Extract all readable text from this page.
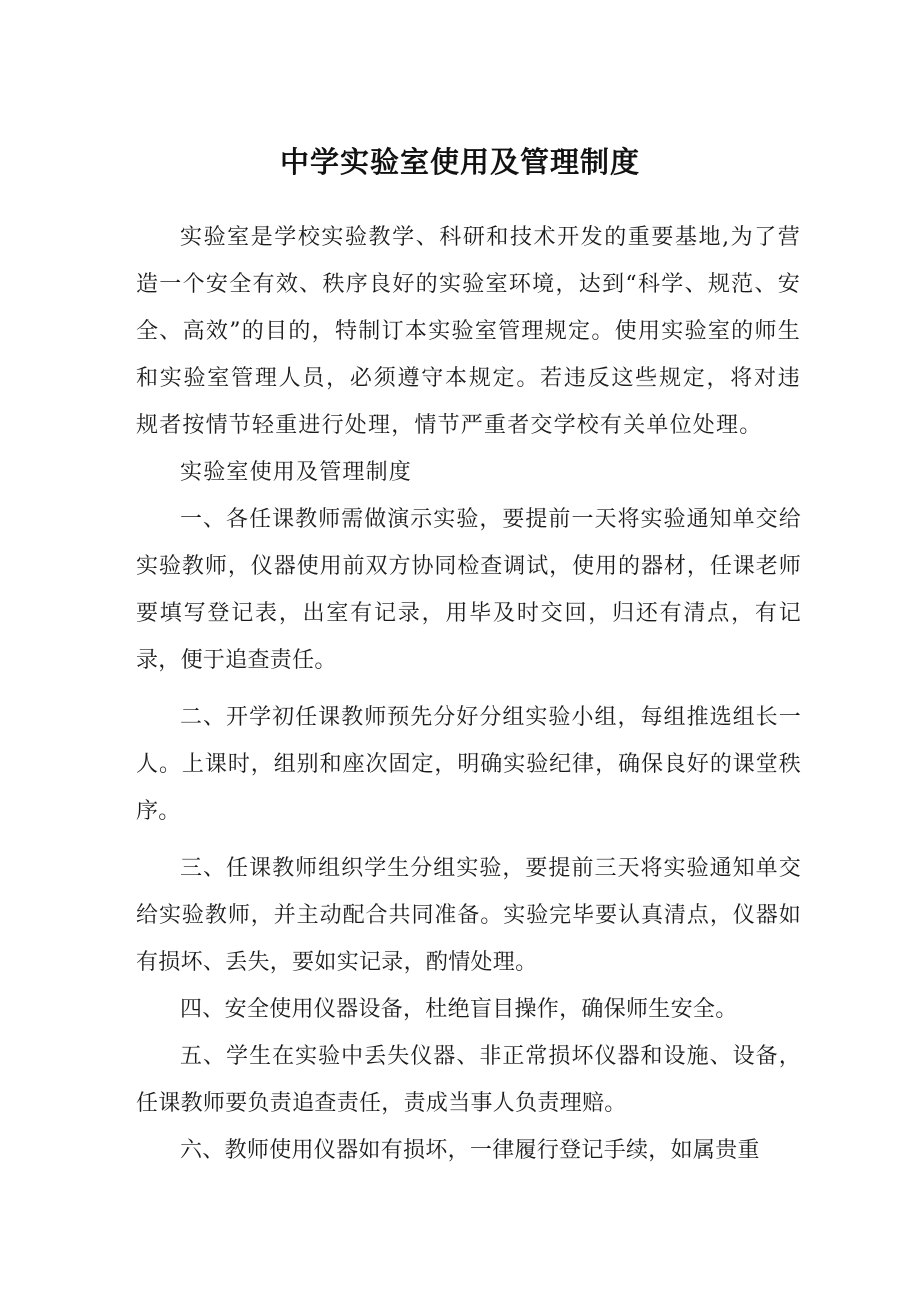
中学实验室使用及管理制度

实验室是学校实验教学、科研和技术开发的重要基地,为了营造一个安全有效、秩序良好的实验室环境，达到“科学、规范、安全、高效”的目的，特制订本实验室管理规定。使用实验室的师生和实验室管理人员，必须遵守本规定。若违反这些规定，将对违规者按情节轻重进行处理，情节严重者交学校有关单位处理。

实验室使用及管理制度

一、各任课教师需做演示实验，要提前一天将实验通知单交给实验教师，仪器使用前双方协同检查调试，使用的器材，任课老师要填写登记表，出室有记录，用毕及时交回，归还有清点，有记录，便于追查责任。

二、开学初任课教师预先分好分组实验小组，每组推选组长一人。上课时，组别和座次固定，明确实验纪律，确保良好的课堂秩序。

三、任课教师组织学生分组实验，要提前三天将实验通知单交给实验教师，并主动配合共同准备。实验完毕要认真清点，仪器如有损坏、丢失，要如实记录，酌情处理。

四、安全使用仪器设备，杜绝盲目操作，确保师生安全。

五、学生在实验中丢失仪器、非正常损坏仪器和设施、设备，任课教师要负责追查责任，责成当事人负责理赔。

六、教师使用仪器如有损坏，一律履行登记手续，如属贵重
